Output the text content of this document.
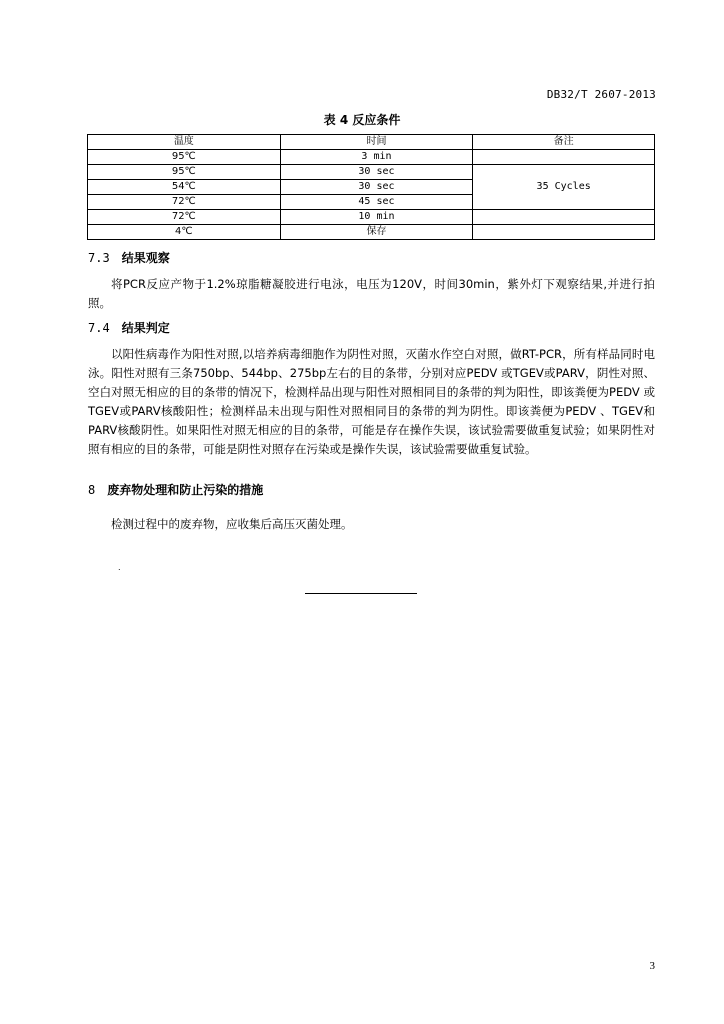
DB32/T 2607-2013
表 4 反应条件
温度	时间	备注
95℃	3 min	
95℃	30 sec	35 Cycles
54℃	30 sec	
72℃	45 sec	
72℃	10 min	
4℃	保存	
7.3 结果观察
将PCR反应产物于1.2%琼脂糖凝胶进行电泳，电压为120V，时间30min，紫外灯下观察结果,并进行拍照。
7.4 结果判定
以阳性病毒作为阳性对照,以培养病毒细胞作为阴性对照，灭菌水作空白对照，做RT-PCR，所有样品同时电泳。阳性对照有三条750bp、544bp、275bp左右的目的条带，分别对应PEDV 或TGEV或PARV，阴性对照、空白对照无相应的目的条带的情况下，检测样品出现与阳性对照相同目的条带的判为阳性，即该粪便为PEDV 或TGEV或PARV核酸阳性；检测样品未出现与阳性对照相同目的条带的判为阴性。即该粪便为PEDV 、TGEV和PARV核酸阴性。如果阳性对照无相应的目的条带，可能是存在操作失误，该试验需要做重复试验；如果阴性对照有相应的目的条带，可能是阴性对照存在污染或是操作失误，该试验需要做重复试验。
8 废弃物处理和防止污染的措施
检测过程中的废弃物，应收集后高压灭菌处理。
.
3
